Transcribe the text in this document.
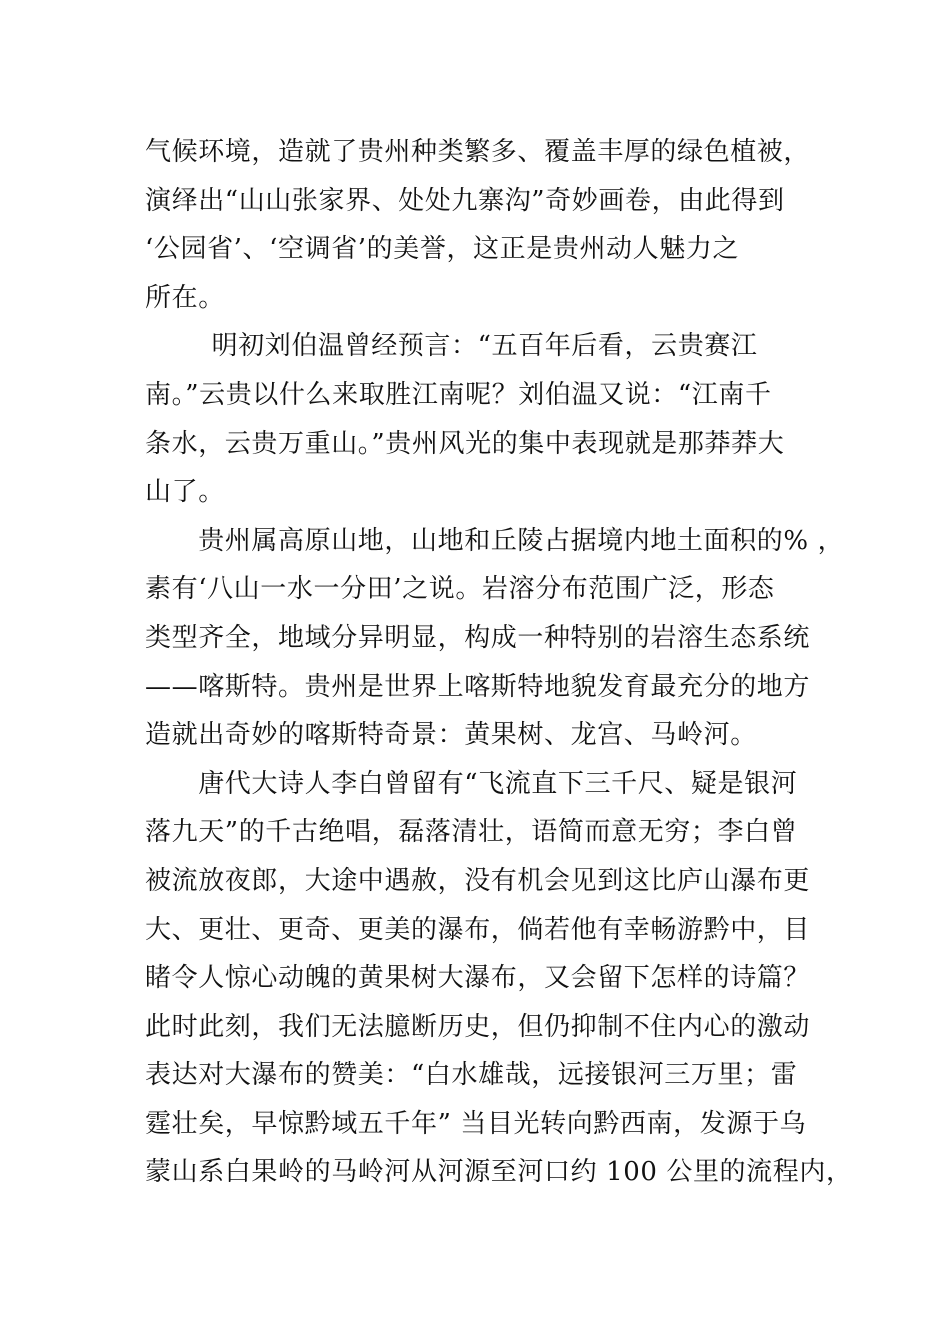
气候环境，造就了贵州种类繁多、覆盖丰厚的绿色植被，
演绎出“山山张家界、处处九寨沟”奇妙画卷，由此得到
‘公园省’、‘空调省’的美誉，这正是贵州动人魅力之
所在。
　明初刘伯温曾经预言：“五百年后看，云贵赛江
南。”云贵以什么来取胜江南呢？刘伯温又说：“江南千
条水，云贵万重山。”贵州风光的集中表现就是那莽莽大
山了。
　　贵州属高原山地，山地和丘陵占据境内地土面积的% ，
素有‘八山一水一分田’之说。岩溶分布范围广泛，形态
类型齐全，地域分异明显，构成一种特别的岩溶生态系统
——喀斯特。贵州是世界上喀斯特地貌发育最充分的地方
造就出奇妙的喀斯特奇景：黄果树、龙宫、马岭河。
　　唐代大诗人李白曾留有“飞流直下三千尺、疑是银河
落九天”的千古绝唱，磊落清壮，语简而意无穷；李白曾
被流放夜郎，大途中遇赦，没有机会见到这比庐山瀑布更
大、更壮、更奇、更美的瀑布，倘若他有幸畅游黔中，目
睹令人惊心动魄的黄果树大瀑布，又会留下怎样的诗篇？
此时此刻，我们无法臆断历史，但仍抑制不住内心的激动
表达对大瀑布的赞美：“白水雄哉，远接银河三万里；雷
霆壮矣，早惊黔域五千年” 当目光转向黔西南，发源于乌
蒙山系白果岭的马岭河从河源至河口约 100 公里的流程内，
